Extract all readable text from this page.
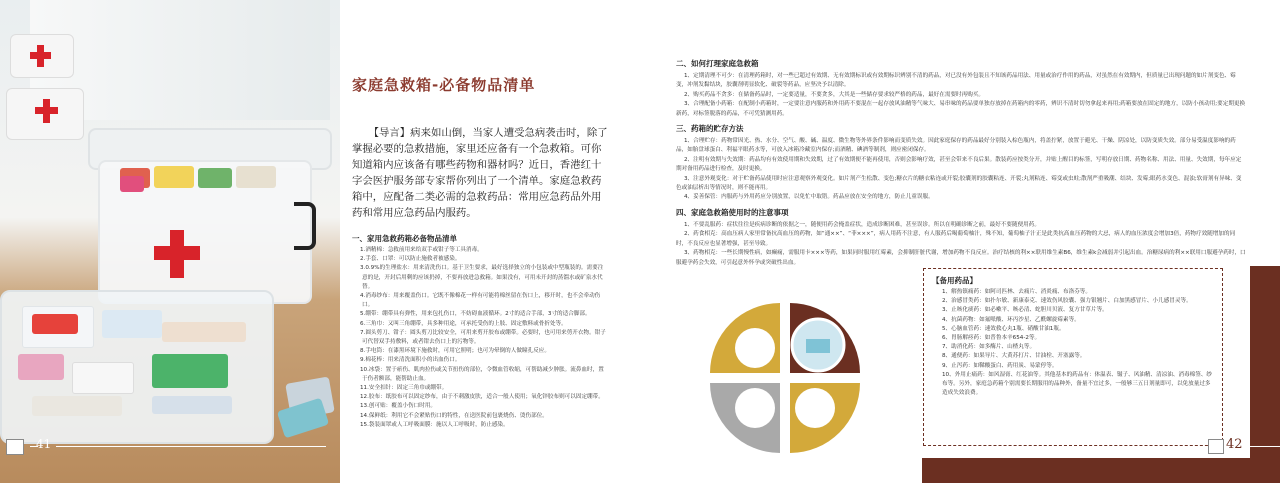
41
家庭急救箱-必备物品清单

【导言】病来如山倒，当家人遭受急病袭击时，除了掌握必要的急救措施，家里还应备有一个急救箱。可你知道箱内应该备有哪些药物和器材吗？近日，香港红十字会医护服务部专家帮你列出了一个清单。家庭急救药箱中，应配备二类必需的急救药品：常用应急药品外用药和常用应急药品内服药。

一、家用急救药箱必备物品清单

1.酒精棉：急救前用来给双手或钳子等工具消毒。

2.手套、口罩：可以防止施救者被感染。

3.0.9%的生理盐水：用来清洗伤口。基于卫生要求，最好选择独立的小包装或中型瓶装的。需要注意的是，开封后用剩的应该扔掉，不要再放进急救箱。如果没有，可用未开封的蒸馏水或矿泉水代替。

4.消毒纱布：用来覆盖伤口。它既不像棉花一样有可能将棉丝留在伤口上，移开时，也不会牵动伤口。

5.绷带：绷带具有弹性，用来包扎伤口，不妨碍血液循环。2寸的适合手部，3寸的适合脚部。

6.三角巾：又叫三角绷带，具多种用途，可承托受伤的上肢、固定敷料或骨折处等。

7.圆头剪刀、钳子：圆头剪刀比较安全，可用来剪开胶布或绷带。必要时，也可用来剪开衣物。钳子可代替双手持敷料，或者钳去伤口上的污物等。

8.手电筒：在漆黑环境下施救时，可用它照明；也可为晕倒的人做瞳孔反应。

9.棉花棒：用来清洗面积小的出血伤口。

10.冰袋：置于瘀伤、肌肉拉伤或关节扭伤的部位，令微血管收缩，可帮助减少肿胀。流鼻血时，置于伤者额部，能帮助止血。

11.安全扣针：固定三角巾或绷带。

12.胶布：纸胶布可以固定纱布，由于不刺激皮肤，适合一般人使用；氧化锌胶布则可以固定绷带。

13.创可贴：覆盖小伤口时用。

14.保鲜纸：利用它不会紧贴伤口的特性，在送医院前包裹烧伤、烫伤部位。

15.袋装面罩或人工呼吸面膜：施以人工呼吸时，防止感染。

二、如何打理家庭急救箱

1、定期清理不可少：在清理药箱时，对一些已超过有效期、无有效期标识或有效期标识辨别不清的药品，对已没有外包装且不知该药品用法、用量或治疗作用的药品，对虽然在有效期内，但质量已出现问题的如片剂变色、霉变，冲剂发黏结块，胶囊剂明显软化、破裂等药品，应坚决予以清除。

2、购买药品不贪多：在储备药品时，一定要适量，不要贪多，大其是一些储存要求较严格的药品，最好在需要时再购买。

3、合理配备小药箱：在配制小药箱时，一定要注意内服药和外用药不要混在一起存放风油精等气味大、易串味的药品要单独存放掉在药箱内的零药，辨识不清时切勿拿起来再用;药箱要放在固定的地方，以防小孩动用;要定期更换新药，对标签脱落的药品，不可凭猜测用药。

三、药箱的贮存方法

1、合理贮存：药物常因光、热、水分、空气、酸、碱、温度、微生物等外界条件影响而变质失效。因此家庭保存的药品最好分别装入棕色瓶内，将盖拧紧，放置于避光、干燥、阴凉处，以防变质失效。部分易受温度影响的药品，如胎盘球蛋白、利福平眼药水等，可放入冰箱冷藏室内保存;而酒精、碘酒等制剂，则应密闭保存。

2、注明有效期与失效期：药品均有有效使用期和失效期，过了有效期便不能再使用，否则会影响疗效，甚至会带来不良后果。散装药应按类分开，并贴上醒目的标签，写明存放日期、药物名称、用法、用量、失效期，每年应定期对备用药品进行检查，及时更换。

3、注意外观变化：对于贮备药品使用时应注意观察外观变化。如片剂产生松散、变色;糖衣片的糖衣粘连或开裂;胶囊剂的胶囊粘连、开裂;丸剂粘连、霉变或虫蛀;散剂严重吸潮、结块、发霉;眼药水变色、混浊;软膏剂有异味、变色或油层析出等情况时，则不能再用。

4、妥善保管：内服药与外用药应分别放置，以免忙中取错。药品应放在安全的地方，防止儿童误服。

四、家庭急救箱使用时的注意事项

1、不要乱服药：症状往往是疾病诊断的依据之一，随便用药会掩盖症状，造成诊断困难，甚至误诊。所以在明确诊断之前，最好不要随便用药。

2、药食相克：高血压病人家里常备抗高血压的药物，如“通××”、“菲×××”，病人用药不注意，有人服药后喝葡萄柚汁，殊不知，葡萄柚子汁正是此类抗高血压药物的大忌，病人的血压浓度会增加3倍，药物疗效随增加的同时，不良反应也显著增强，甚至导致。

3、药物相克：一些长期慢性病，如癫痫，需服用卡×××等药，如果同时服用红霉素，会抑制肝脏代谢，增加药物不良反应。治疗结核的利××联用维生素B6，维生素k会减弱并引起出血。治糖尿病的利××联用口服避孕药时，口服避孕药会失效，可引起意外怀孕或突破性出血。

【备用药品】

1、解热镇痛药：如阿司匹林、去痛片、消炎痛、布洛芬等。

2、治感冒类药：如扑尔敏、新康泰克、速效伤风胶囊、强力银翘片、白加黑感冒片、小儿感冒灵等。

3、止咳化痰药：如必嗽平、咳必清、蛇胆川贝液、复方甘草片等。

4、抗菌药物：如氟哌酸、环丙沙星、乙酰螺旋霉素等。

5、心脑血管药：速效救心丸1瓶、硝酸甘油1瓶。

6、胃肠解痉药：如普鲁本辛654-2等。

7、助消化药：如多酶片、山楂丸等。

8、通便药：如果导片、大黄苏打片、甘油栓、开塞露等。

9、止泻药：如鞣酸蛋白、药用炭、易蒙停等。

10、外用止痛药：如风湿膏、红花油等。其他基本的药品有：体温表、镊子、风油精、清凉油、消毒棉签、纱布等。另外，家庭急药箱个别需要长期服用的品种外，备量不宜过多，一般够三五日剂量即可，以免放量过多造成失效浪费。

42
